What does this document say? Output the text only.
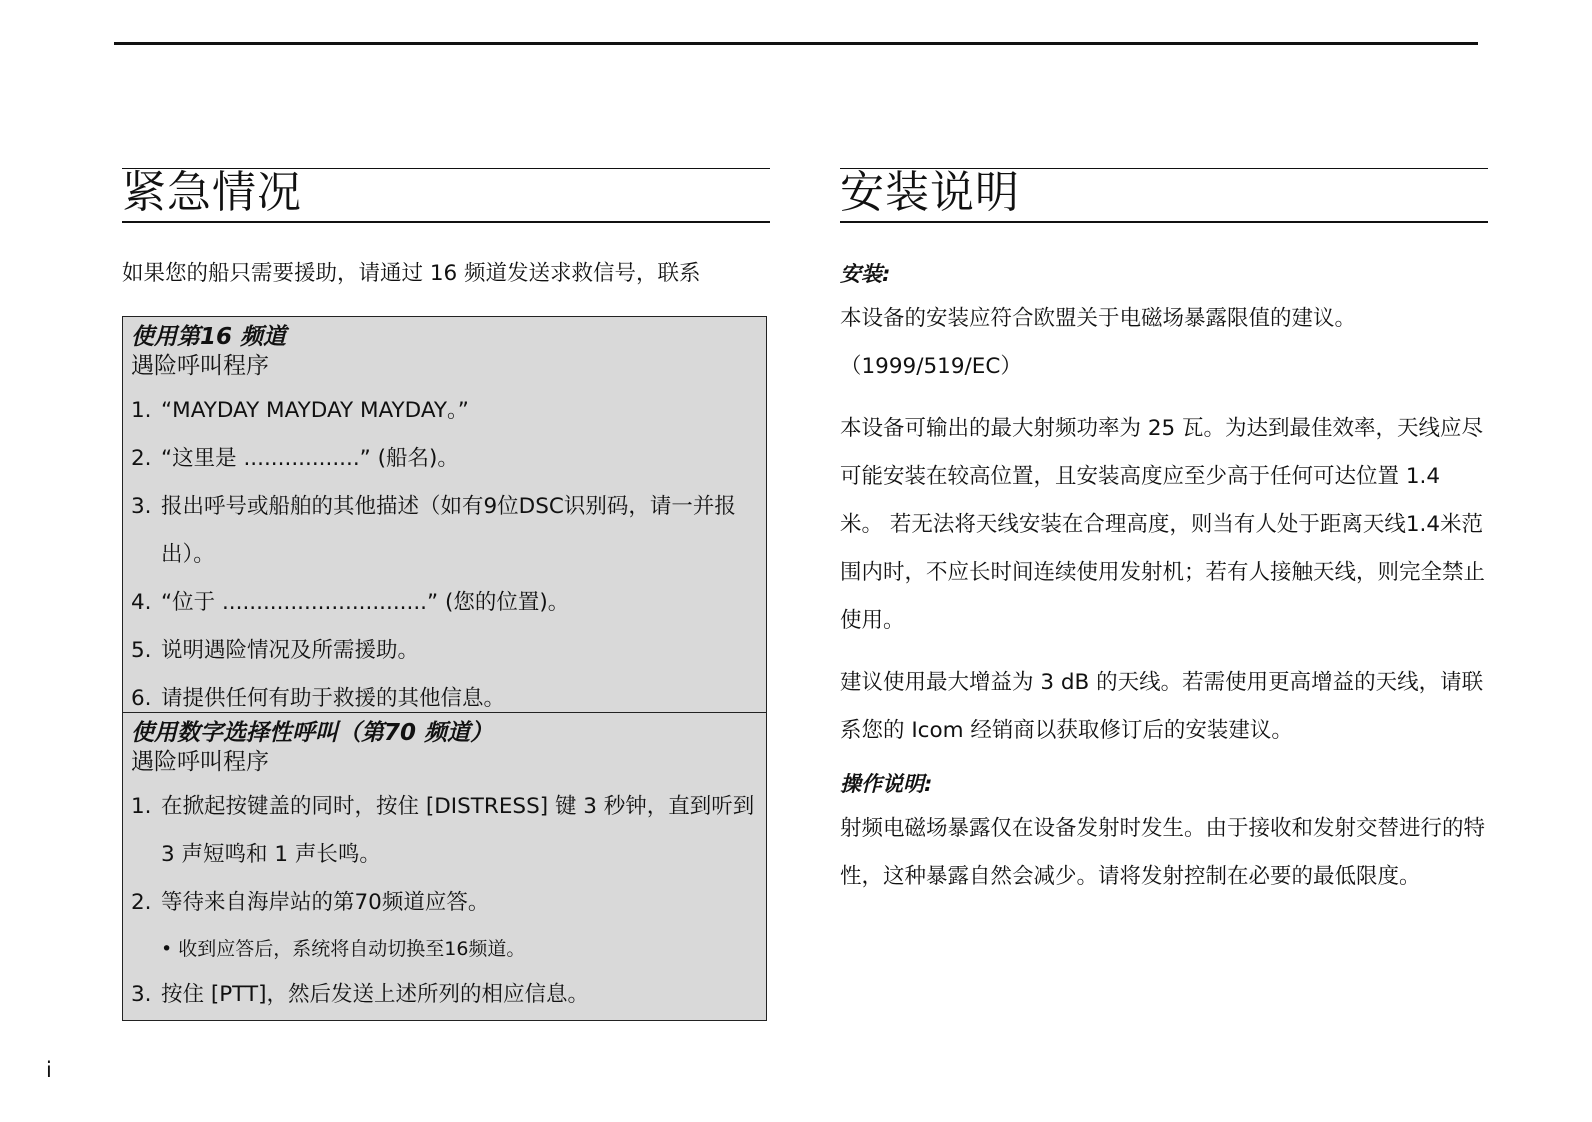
紧急情况
如果您的船只需要援助，请通过 16 频道发送求救信号，联系
使用第16 频道
遇险呼叫程序
1. “MAYDAY MAYDAY MAYDAY。”
2. “这里是 .................” (船名)。
3. 报出呼号或船舶的其他描述（如有9位DSC识别码，请一并报出）。
4. “位于 ..............................” (您的位置)。
5. 说明遇险情况及所需援助。
6. 请提供任何有助于救援的其他信息。
使用数字选择性呼叫（第70 频道）
遇险呼叫程序
1. 在掀起按键盖的同时，按住 [DISTRESS] 键 3 秒钟，直到听到 3 声短鸣和 1 声长鸣。
2. 等待来自海岸站的第70频道应答。
• 收到应答后，系统将自动切换至16频道。
3. 按住 [PTT]，然后发送上述所列的相应信息。
安装说明
安装:

本设备的安装应符合欧盟关于电磁场暴露限值的建议。（1999/519/EC）

本设备可输出的最大射频功率为 25 瓦。为达到最佳效率，天线应尽可能安装在较高位置，且安装高度应至少高于任何可达位置 1.4 米。 若无法将天线安装在合理高度，则当有人处于距离天线1.4米范围内时，不应长时间连续使用发射机；若有人接触天线，则完全禁止使用。

建议使用最大增益为 3 dB 的天线。若需使用更高增益的天线，请联系您的 Icom 经销商以获取修订后的安装建议。

操作说明:

射频电磁场暴露仅在设备发射时发生。由于接收和发射交替进行的特性，这种暴露自然会减少。请将发射控制在必要的最低限度。

i
